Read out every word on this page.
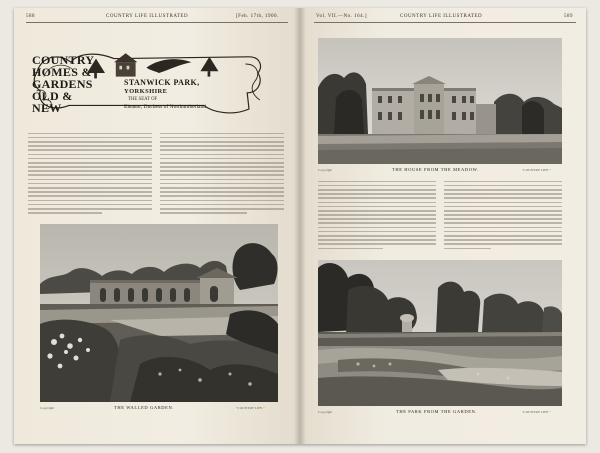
588	COUNTRY LIFE ILLUSTRATED	[Feb. 17th, 1900.
COUNTRY
HOMES &
GARDENS
OLD & NEW
STANWICK PARK,
YORKSHIRE
THE SEAT OF
Eleanor, Duchess of Northumberland.
Copyright	THE WALLED GARDEN.	"COUNTRY LIFE."
Vol. VII.—No. 164.]	COUNTRY LIFE ILLUSTRATED	589
Copyright	THE HOUSE FROM THE MEADOW.	"COUNTRY LIFE."
Copyright	THE PARK FROM THE GARDEN.	"COUNTRY LIFE."
